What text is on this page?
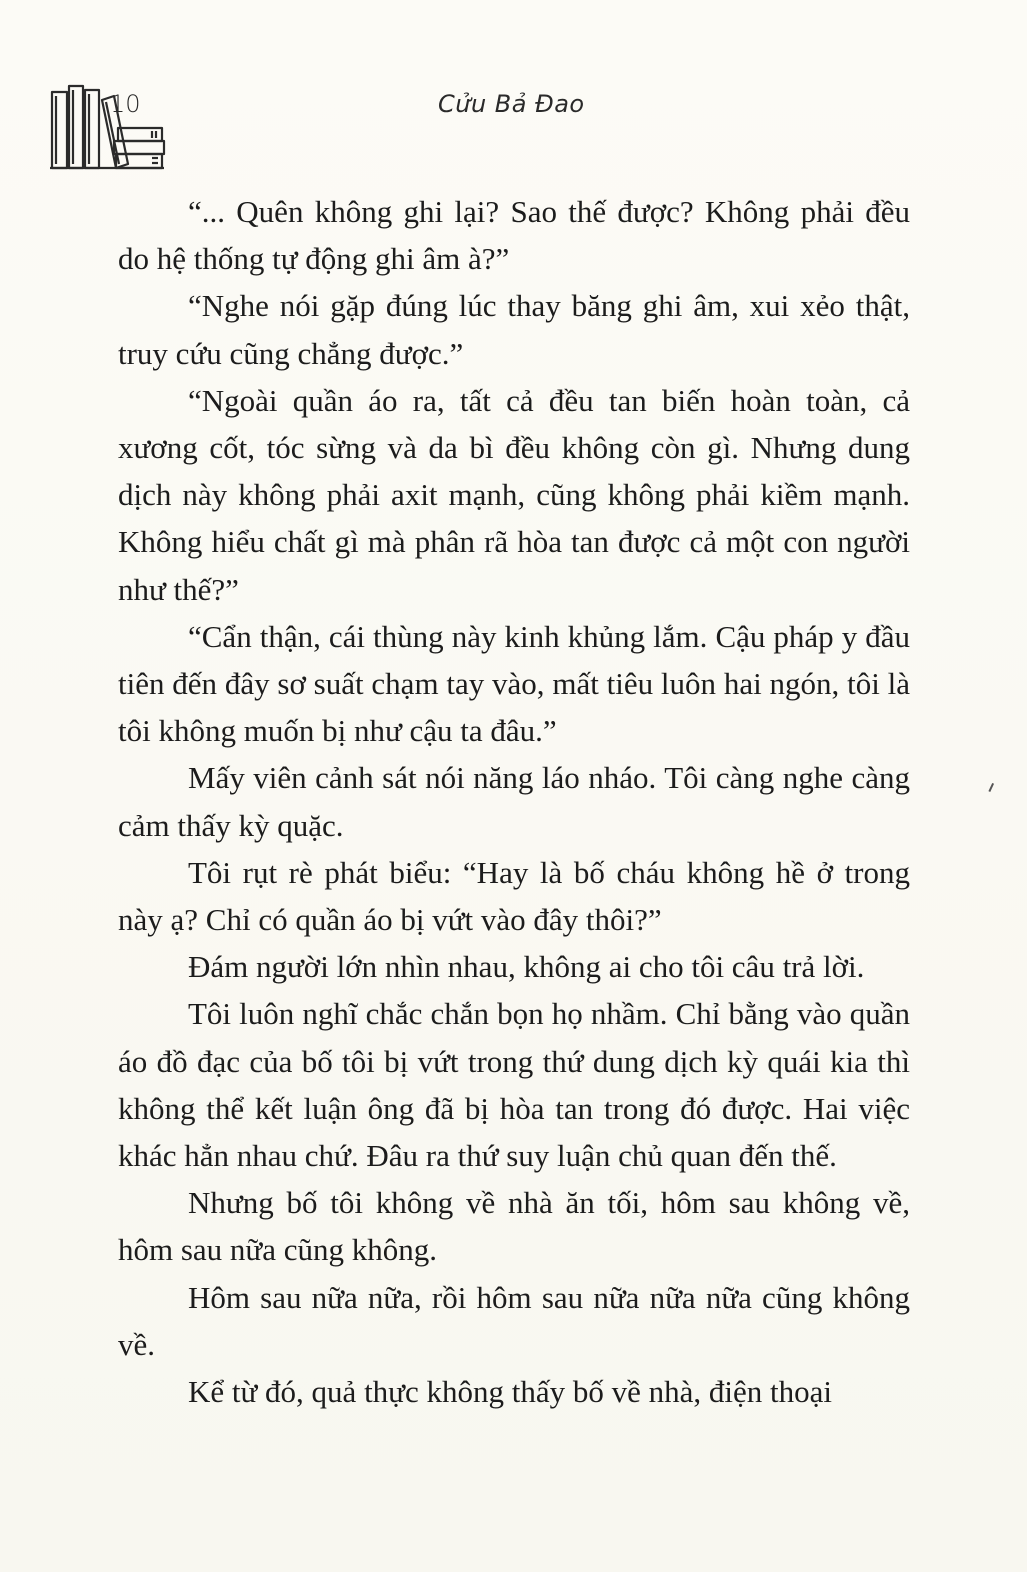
10	Cửu Bả Đao

“... Quên không ghi lại? Sao thế được? Không phải đều do hệ thống tự động ghi âm à?”

“Nghe nói gặp đúng lúc thay băng ghi âm, xui xẻo thật, truy cứu cũng chẳng được.”

“Ngoài quần áo ra, tất cả đều tan biến hoàn toàn, cả xương cốt, tóc sừng và da bì đều không còn gì. Nhưng dung dịch này không phải axit mạnh, cũng không phải kiềm mạnh. Không hiểu chất gì mà phân rã hòa tan được cả một con người như thế?”

“Cẩn thận, cái thùng này kinh khủng lắm. Cậu pháp y đầu tiên đến đây sơ suất chạm tay vào, mất tiêu luôn hai ngón, tôi là tôi không muốn bị như cậu ta đâu.”

Mấy viên cảnh sát nói năng láo nháo. Tôi càng nghe càng cảm thấy kỳ quặc.

Tôi rụt rè phát biểu: “Hay là bố cháu không hề ở trong này ạ? Chỉ có quần áo bị vứt vào đây thôi?”

Đám người lớn nhìn nhau, không ai cho tôi câu trả lời.

Tôi luôn nghĩ chắc chắn bọn họ nhầm. Chỉ bằng vào quần áo đồ đạc của bố tôi bị vứt trong thứ dung dịch kỳ quái kia thì không thể kết luận ông đã bị hòa tan trong đó được. Hai việc khác hẳn nhau chứ. Đâu ra thứ suy luận chủ quan đến thế.

Nhưng bố tôi không về nhà ăn tối, hôm sau không về, hôm sau nữa cũng không.

Hôm sau nữa nữa, rồi hôm sau nữa nữa nữa cũng không về.

Kể từ đó, quả thực không thấy bố về nhà, điện thoại
